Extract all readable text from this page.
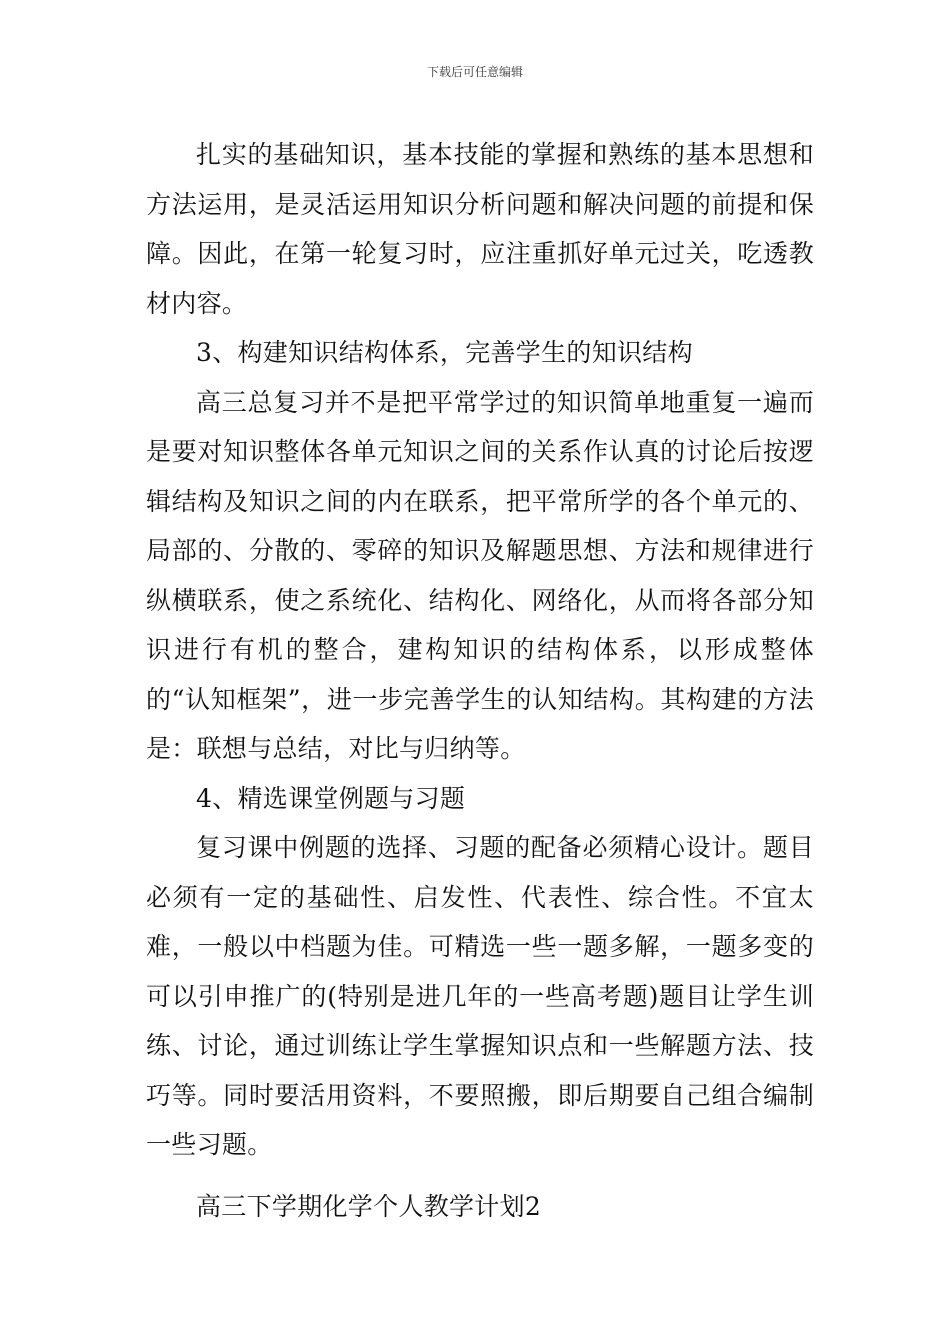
下载后可任意编辑

扎实的基础知识，基本技能的掌握和熟练的基本思想和方法运用，是灵活运用知识分析问题和解决问题的前提和保障。因此，在第一轮复习时，应注重抓好单元过关，吃透教材内容。

3、构建知识结构体系，完善学生的知识结构

高三总复习并不是把平常学过的知识简单地重复一遍而是要对知识整体各单元知识之间的关系作认真的讨论后按逻辑结构及知识之间的内在联系，把平常所学的各个单元的、局部的、分散的、零碎的知识及解题思想、方法和规律进行纵横联系，使之系统化、结构化、网络化，从而将各部分知识进行有机的整合，建构知识的结构体系，以形成整体的“认知框架”，进一步完善学生的认知结构。其构建的方法是：联想与总结，对比与归纳等。

4、精选课堂例题与习题

复习课中例题的选择、习题的配备必须精心设计。题目必须有一定的基础性、启发性、代表性、综合性。不宜太难，一般以中档题为佳。可精选一些一题多解，一题多变的可以引申推广的(特别是进几年的一些高考题)题目让学生训练、讨论，通过训练让学生掌握知识点和一些解题方法、技巧等。同时要活用资料，不要照搬，即后期要自己组合编制一些习题。

高三下学期化学个人教学计划2
